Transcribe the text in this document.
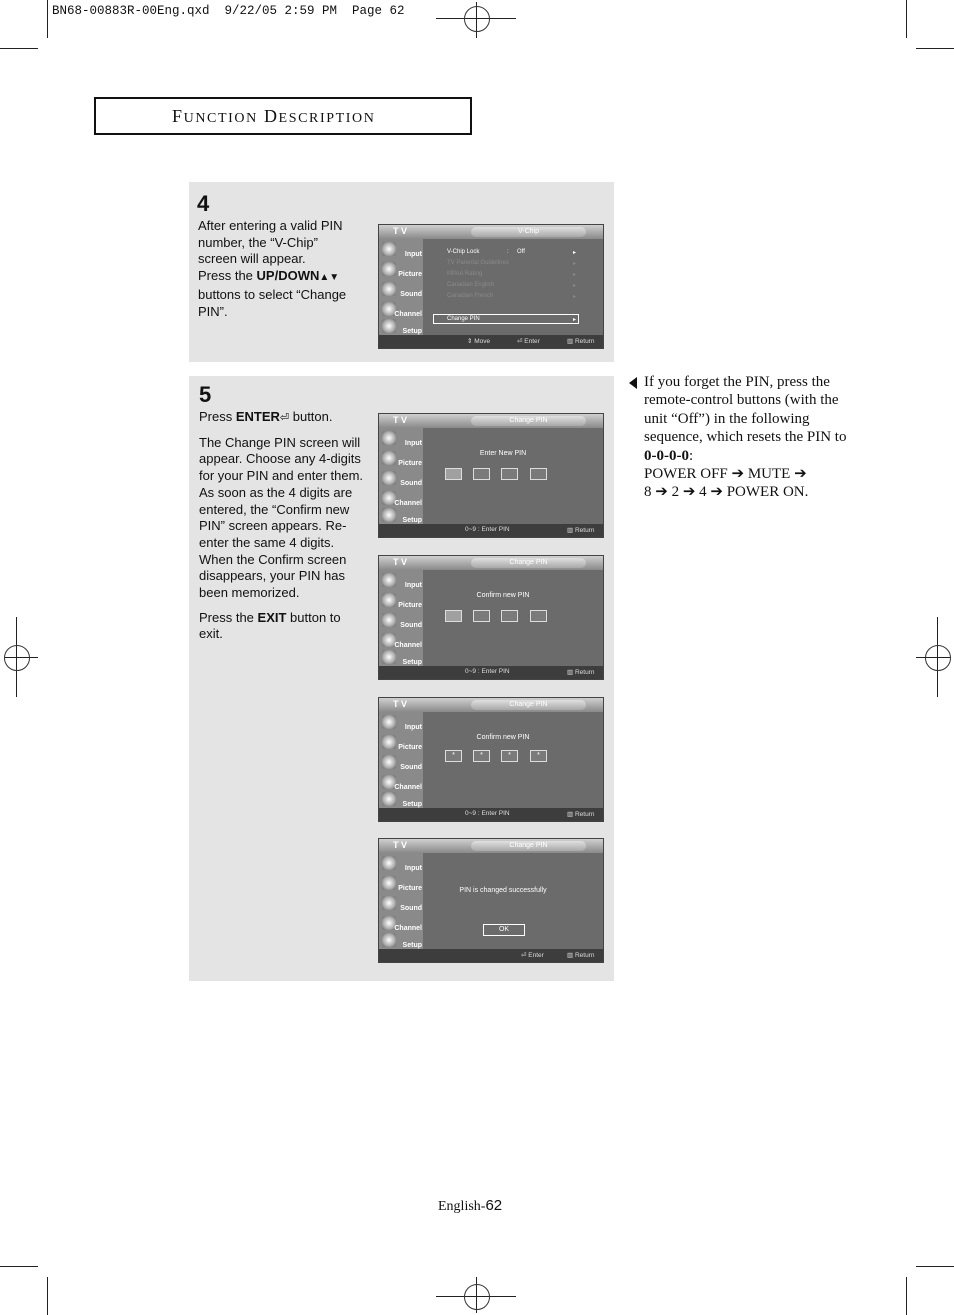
BN68-00883R-00Eng.qxd  9/22/05 2:59 PM  Page 62
FUNCTION DESCRIPTION
4
After entering a valid PIN number, the “V-Chip” screen will appear.
Press the UP/DOWN▲▼ buttons to select “Change PIN”.
T V	V-Chip
Input
Picture
Sound
Channel
Setup
V-Chip Lock	: Off	▸
TV Parental Guidelines	▸
MPAA Rating	▸
Canadian English	▸
Canadian French	▸
Change PIN	▸
⇕ Move	⏎ Enter	▥ Return
5

Press ENTER⏎ button.

The Change PIN screen will appear. Choose any 4-digits for your PIN and enter them.

As soon as the 4 digits are entered, the “Confirm new PIN” screen appears. Re-enter the same 4 digits. When the Confirm screen disappears, your PIN has been memorized.

Press the EXIT button to exit.

T V	Change PIN
Input
Picture
Sound
Channel
Setup
Enter New PIN
0~9 : Enter PIN	▥ Return
T V	Change PIN
Input
Picture
Sound
Channel
Setup
Confirm new PIN
0~9 : Enter PIN	▥ Return
T V	Change PIN
Input
Picture
Sound
Channel
Setup
Confirm new PIN
*	*	*	*
0~9 : Enter PIN	▥ Return
T V	Change PIN
Input
Picture
Sound
Channel
Setup
PIN is changed successfully
OK
⏎ Enter	▥ Return
If you forget the PIN, press the remote-control buttons (with the unit “Off”) in the following sequence, which resets the PIN to 0-0-0-0:
POWER OFF ➔ MUTE ➔
8 ➔ 2 ➔ 4 ➔ POWER ON.
English-62
